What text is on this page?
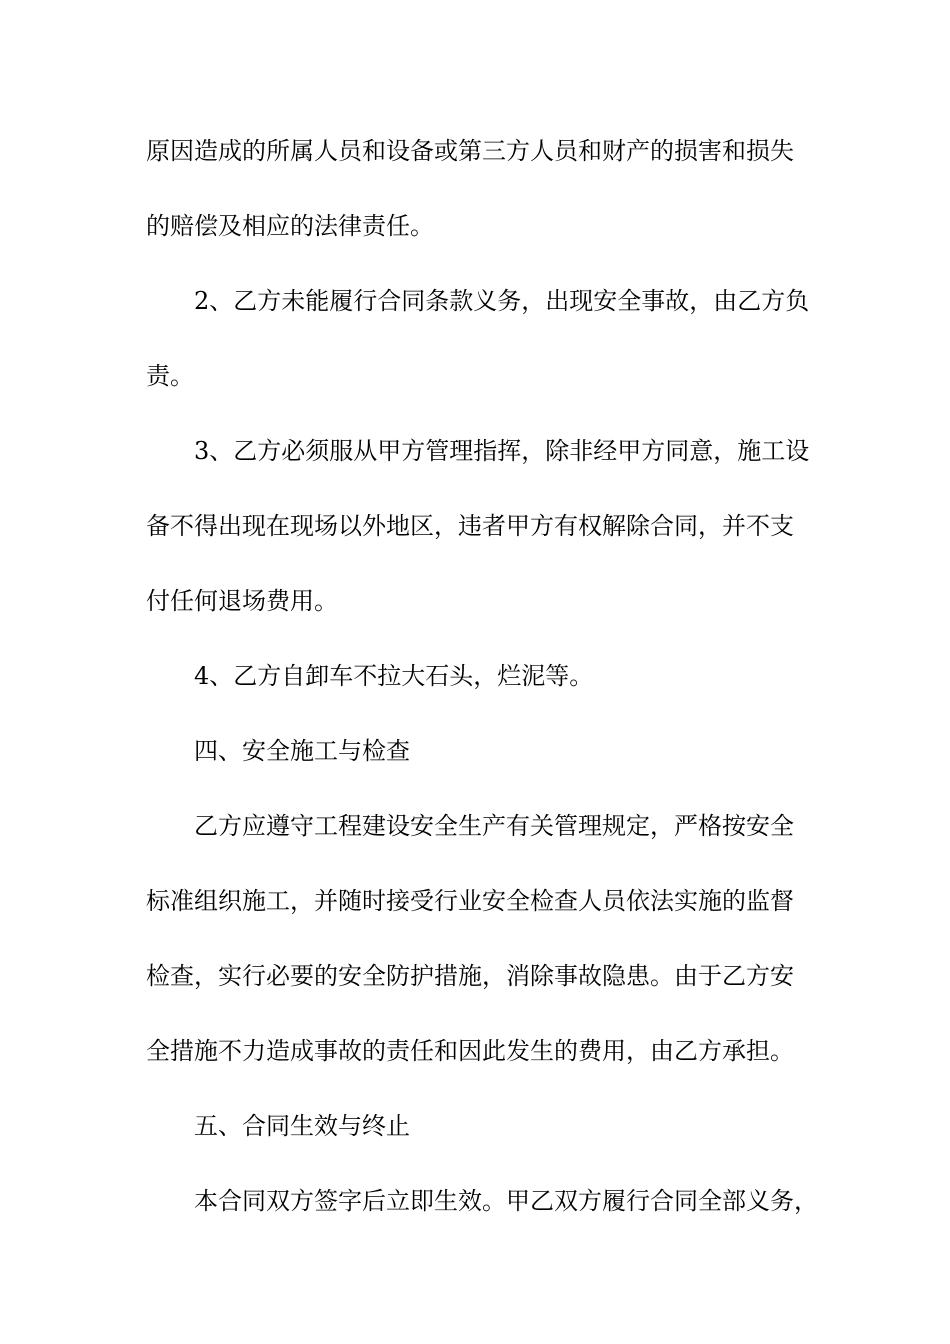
原因造成的所属人员和设备或第三方人员和财产的损害和损失
的赔偿及相应的法律责任。
2、乙方未能履行合同条款义务，出现安全事故，由乙方负
责。
3、乙方必须服从甲方管理指挥，除非经甲方同意，施工设
备不得出现在现场以外地区，违者甲方有权解除合同，并不支
付任何退场费用。
4、乙方自卸车不拉大石头，烂泥等。
四、安全施工与检查
乙方应遵守工程建设安全生产有关管理规定，严格按安全
标准组织施工，并随时接受行业安全检查人员依法实施的监督
检查，实行必要的安全防护措施，消除事故隐患。由于乙方安
全措施不力造成事故的责任和因此发生的费用，由乙方承担。
五、合同生效与终止
本合同双方签字后立即生效。甲乙双方履行合同全部义务，
